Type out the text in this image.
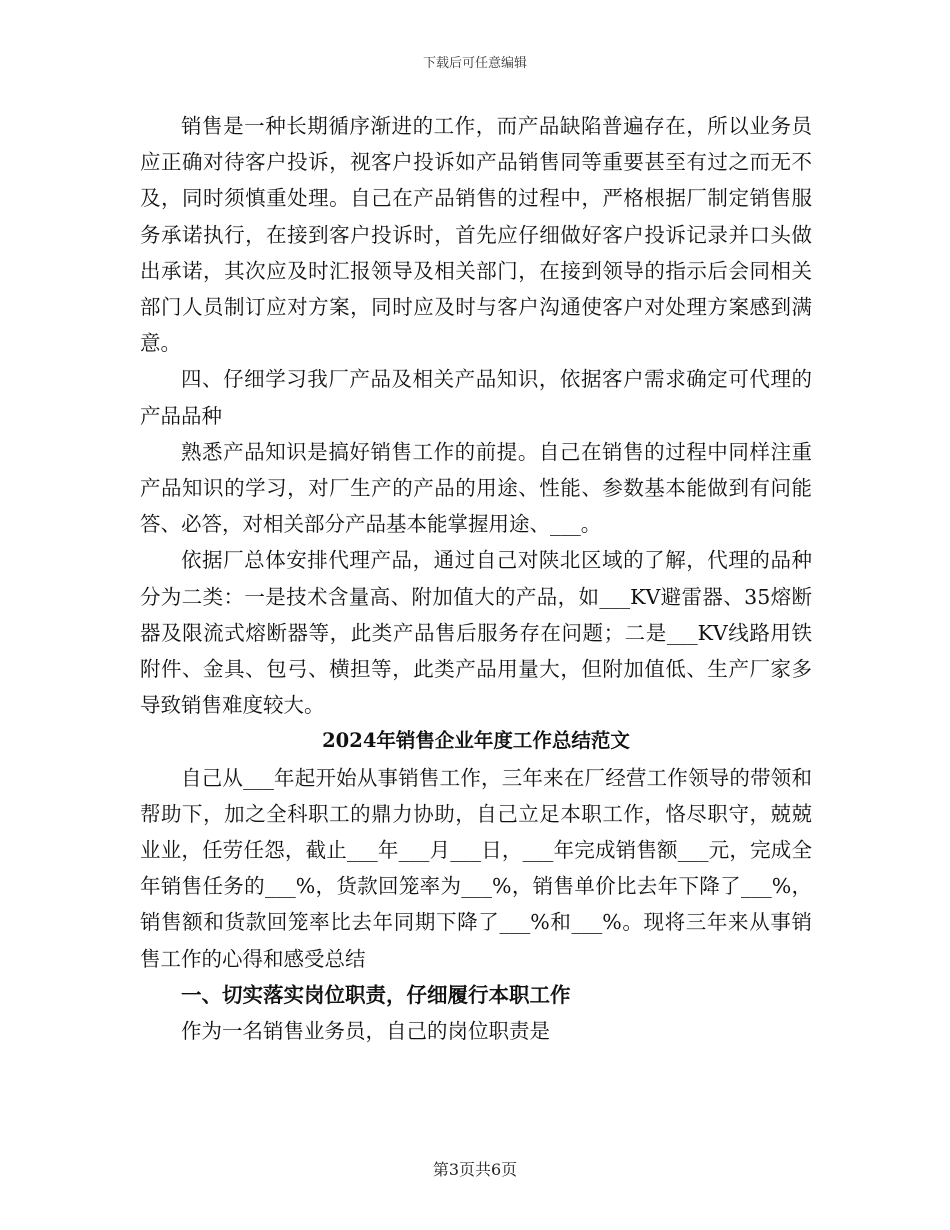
下载后可任意编辑

销售是一种长期循序渐进的工作，而产品缺陷普遍存在，所以业务员应正确对待客户投诉，视客户投诉如产品销售同等重要甚至有过之而无不及，同时须慎重处理。自己在产品销售的过程中，严格根据厂制定销售服务承诺执行，在接到客户投诉时，首先应仔细做好客户投诉记录并口头做出承诺，其次应及时汇报领导及相关部门，在接到领导的指示后会同相关部门人员制订应对方案，同时应及时与客户沟通使客户对处理方案感到满意。

四、仔细学习我厂产品及相关产品知识，依据客户需求确定可代理的产品品种

熟悉产品知识是搞好销售工作的前提。自己在销售的过程中同样注重产品知识的学习，对厂生产的产品的用途、性能、参数基本能做到有问能答、必答，对相关部分产品基本能掌握用途、___。

依据厂总体安排代理产品，通过自己对陕北区域的了解，代理的品种分为二类：一是技术含量高、附加值大的产品，如___KV避雷器、35熔断器及限流式熔断器等，此类产品售后服务存在问题；二是___KV线路用铁附件、金具、包弓、横担等，此类产品用量大，但附加值低、生产厂家多导致销售难度较大。

2024年销售企业年度工作总结范文

自己从___年起开始从事销售工作，三年来在厂经营工作领导的带领和帮助下，加之全科职工的鼎力协助，自己立足本职工作，恪尽职守，兢兢业业，任劳任怨，截止___年___月___日，___年完成销售额___元，完成全年销售任务的___%，货款回笼率为___%，销售单价比去年下降了___%，销售额和货款回笼率比去年同期下降了___%和___%。现将三年来从事销售工作的心得和感受总结

一、切实落实岗位职责，仔细履行本职工作

作为一名销售业务员，自己的岗位职责是

第3页共6页
